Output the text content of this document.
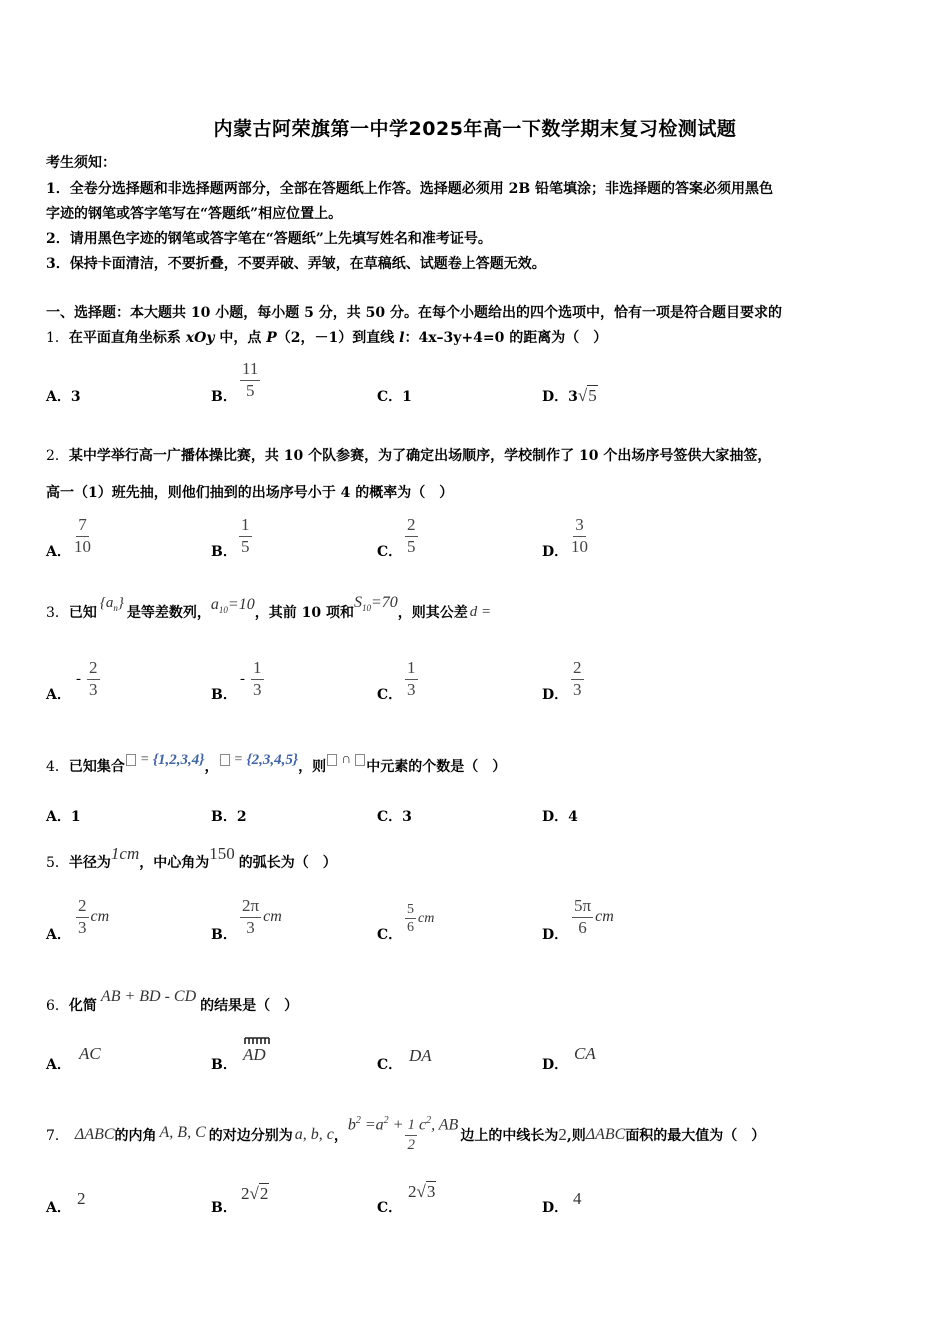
内蒙古阿荣旗第一中学2025年高一下数学期末复习检测试题
考生须知：
1．全卷分选择题和非选择题两部分，全部在答题纸上作答。选择题必须用 2B 铅笔填涂；非选择题的答案必须用黑色
字迹的钢笔或答字笔写在“答题纸”相应位置上。
2．请用黑色字迹的钢笔或答字笔在“答题纸”上先填写姓名和准考证号。
3．保持卡面清洁，不要折叠，不要弄破、弄皱，在草稿纸、试题卷上答题无效。
一、选择题：本大题共 10 小题，每小题 5 分，共 50 分。在每个小题给出的四个选项中，恰有一项是符合题目要求的
1．在平面直角坐标系 xOy 中，点 P（2，－1）到直线 l：4x–3y+4=0 的距离为（　）
A．3	B． $\frac{11}{5}$	C．1	D．3√5
2．某中学举行高一广播体操比赛，共 10 个队参赛，为了确定出场顺序，学校制作了 10 个出场序号签供大家抽签，
高一（1）班先抽，则他们抽到的出场序号小于 4 的概率为（　）
A． $\frac{7}{10}$	B． $\frac{1}{5}$	C． $\frac{2}{5}$	D． $\frac{3}{10}$
3． 已知
$\{a_n\}$
是等差数列， $a_{10}=10$ ，其前 10 项和
$S_{10}=70$
，则其公差 d =
A．
- $\frac{2}{3}$	B．
- $\frac{1}{3}$	C． $\frac{1}{3}$	D． $\frac{2}{3}$
4． 已知集合 = {1,2,3,4} ， = {2,3,4,5} ，则 ∩ 中元素的个数是（　）
A．1	B．2	C．3	D．4
5． 半径为 1cm ，中心角为 150 的弧长为（　）
A． $\frac{2}{3}$ cm
B． $\frac{2\pi}{3}$ cm
C． $\frac{5}{6}$ cm
D． $\frac{5\pi}{6}$ cm
6． 化简
AB + BD - CD
的结果是（　）
A．
AC
B．
AD
C． DA	D．
CA
7． ΔABC 的内角 A, B, C 的对边分别为 a, b, c ，
$b^2 =a^2 + \frac{1}{2} c^2$, AB
边上的中线长为 2 ,则 ΔABC 面积的最大值为（　）
A． 2	B．
2√2
C．
2√3
D． 4
